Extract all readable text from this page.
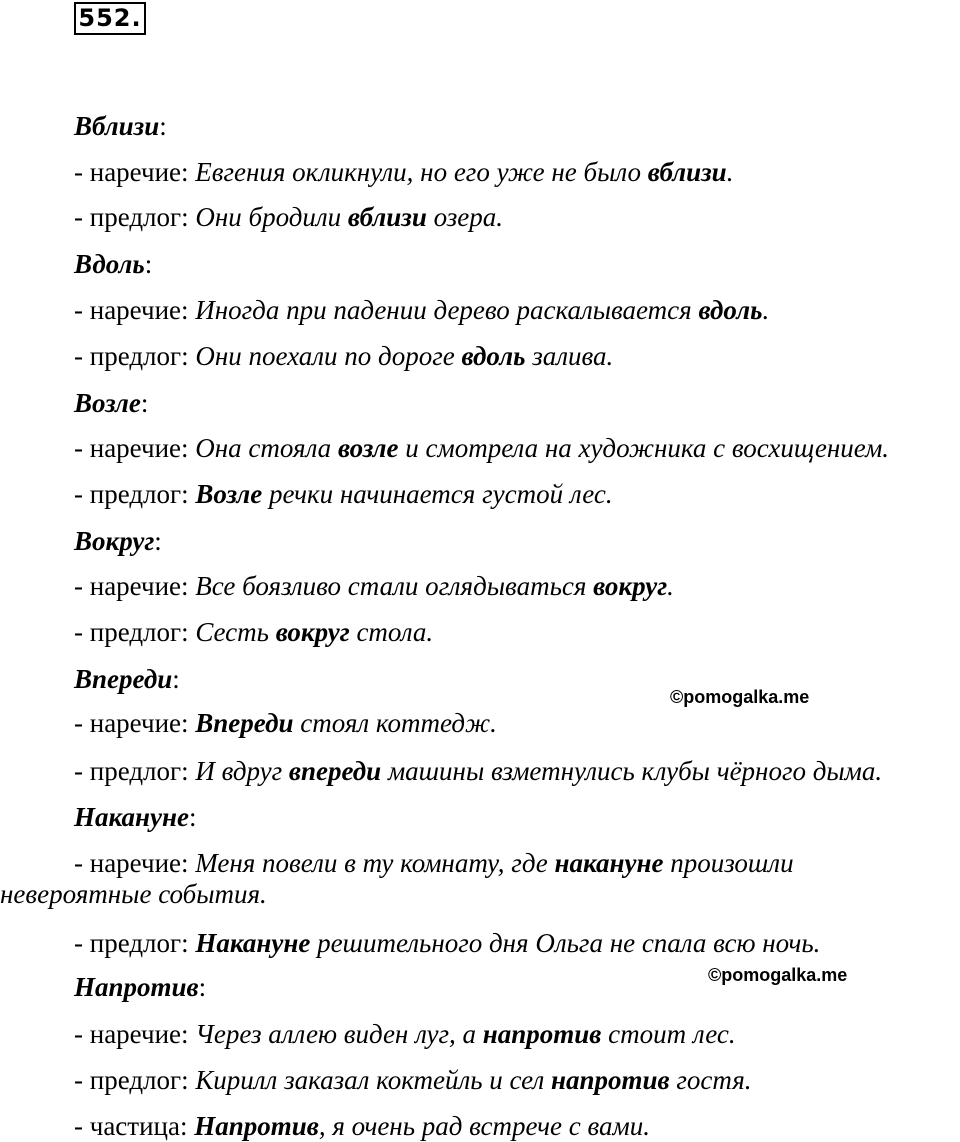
552.
Вблизи:
- наречие: Евгения окликнули, но его уже не было вблизи.
- предлог: Они бродили вблизи озера.
Вдоль:
- наречие: Иногда при падении дерево раскалывается вдоль.
- предлог: Они поехали по дороге вдоль залива.
Возле:
- наречие: Она стояла возле и смотрела на художника с восхищением.
- предлог: Возле речки начинается густой лес.
Вокруг:
- наречие: Все боязливо стали оглядываться вокруг.
- предлог: Сесть вокруг стола.
Впереди:
- наречие: Впереди стоял коттедж.
- предлог: И вдруг впереди машины взметнулись клубы чёрного дыма.
Накануне:
- наречие: Меня повели в ту комнату, где накануне произошли
невероятные события.
- предлог: Накануне решительного дня Ольга не спала всю ночь.
Напротив:
- наречие: Через аллею виден луг, а напротив стоит лес.
- предлог: Кирилл заказал коктейль и сел напротив гостя.
- частица: Напротив, я очень рад встрече с вами.
©pomogalka.me
©pomogalka.me
